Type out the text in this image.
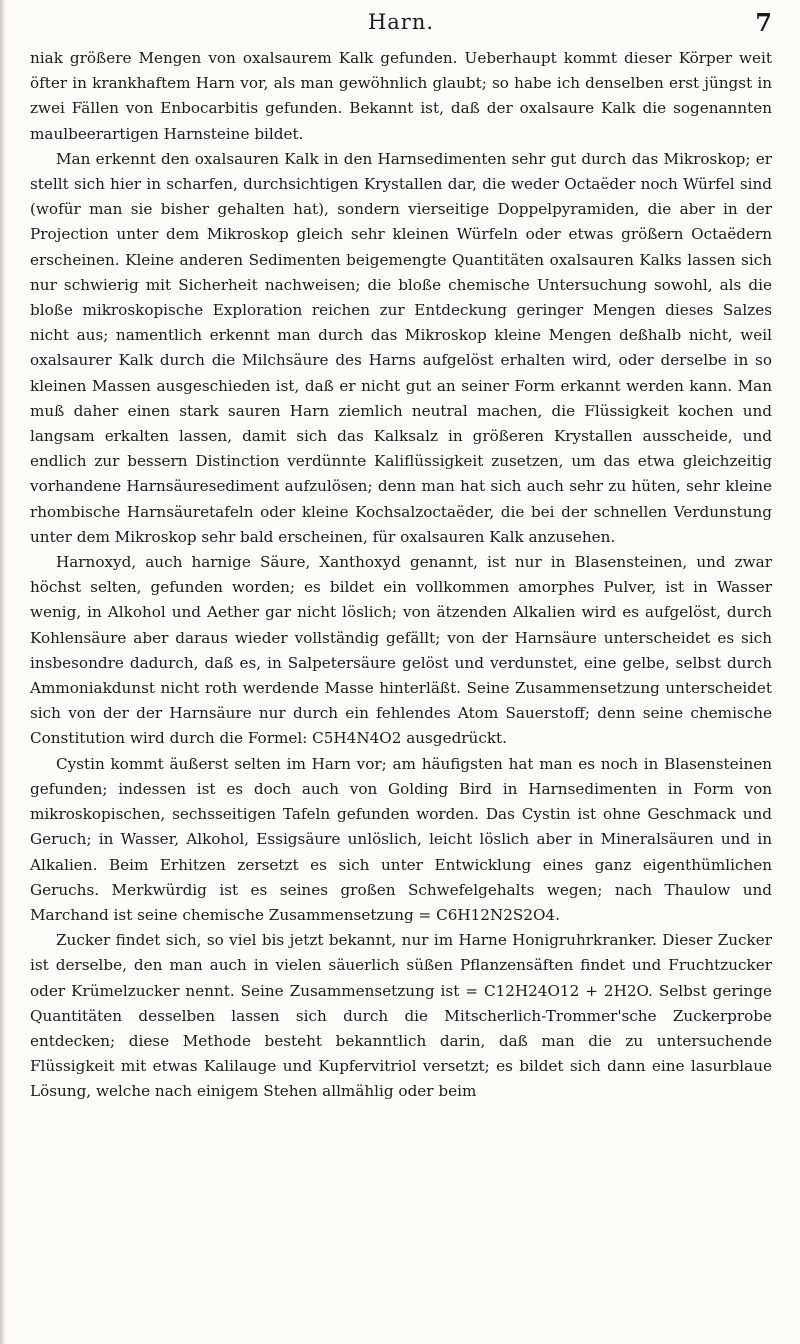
Harn.	7

niak größere Mengen von oxalsaurem Kalk gefunden. Ueberhaupt kommt dieser Körper weit öfter in krankhaftem Harn vor, als man gewöhnlich glaubt; so habe ich denselben erst jüngst in zwei Fällen von Enbocarbitis gefunden. Bekannt ist, daß der oxalsaure Kalk die sogenannten maulbeerartigen Harnsteine bildet.

Man erkennt den oxalsauren Kalk in den Harnsedimenten sehr gut durch das Mikroskop; er stellt sich hier in scharfen, durchsichtigen Krystallen dar, die weder Octaëder noch Würfel sind (wofür man sie bisher gehalten hat), sondern vierseitige Doppelpyramiden, die aber in der Projection unter dem Mikroskop gleich sehr kleinen Würfeln oder etwas größern Octaëdern erscheinen. Kleine anderen Sedimenten beigemengte Quantitäten oxalsauren Kalks lassen sich nur schwierig mit Sicherheit nachweisen; die bloße chemische Untersuchung sowohl, als die bloße mikroskopische Exploration reichen zur Entdeckung geringer Mengen dieses Salzes nicht aus; namentlich erkennt man durch das Mikroskop kleine Mengen deßhalb nicht, weil oxalsaurer Kalk durch die Milchsäure des Harns aufgelöst erhalten wird, oder derselbe in so kleinen Massen ausgeschieden ist, daß er nicht gut an seiner Form erkannt werden kann. Man muß daher einen stark sauren Harn ziemlich neutral machen, die Flüssigkeit kochen und langsam erkalten lassen, damit sich das Kalksalz in größeren Krystallen ausscheide, und endlich zur bessern Distinction verdünnte Kaliflüssigkeit zusetzen, um das etwa gleichzeitig vorhandene Harnsäuresediment aufzulösen; denn man hat sich auch sehr zu hüten, sehr kleine rhombische Harnsäuretafeln oder kleine Kochsalzoctaëder, die bei der schnellen Verdunstung unter dem Mikroskop sehr bald erscheinen, für oxalsauren Kalk anzusehen.

Harnoxyd, auch harnige Säure, Xanthoxyd genannt, ist nur in Blasensteinen, und zwar höchst selten, gefunden worden; es bildet ein vollkommen amorphes Pulver, ist in Wasser wenig, in Alkohol und Aether gar nicht löslich; von ätzenden Alkalien wird es aufgelöst, durch Kohlensäure aber daraus wieder vollständig gefällt; von der Harnsäure unterscheidet es sich insbesondre dadurch, daß es, in Salpetersäure gelöst und verdunstet, eine gelbe, selbst durch Ammoniakdunst nicht roth werdende Masse hinterläßt. Seine Zusammensetzung unterscheidet sich von der der Harnsäure nur durch ein fehlendes Atom Sauerstoff; denn seine chemische Constitution wird durch die Formel: C5H4N4O2 ausgedrückt.

Cystin kommt äußerst selten im Harn vor; am häufigsten hat man es noch in Blasensteinen gefunden; indessen ist es doch auch von Golding Bird in Harnsedimenten in Form von mikroskopischen, sechsseitigen Tafeln gefunden worden. Das Cystin ist ohne Geschmack und Geruch; in Wasser, Alkohol, Essigsäure unlöslich, leicht löslich aber in Mineralsäuren und in Alkalien. Beim Erhitzen zersetzt es sich unter Entwicklung eines ganz eigenthümlichen Geruchs. Merkwürdig ist es seines großen Schwefelgehalts wegen; nach Thaulow und Marchand ist seine chemische Zusammensetzung = C6H12N2S2O4.

Zucker findet sich, so viel bis jetzt bekannt, nur im Harne Honigruhrkranker. Dieser Zucker ist derselbe, den man auch in vielen säuerlich süßen Pflanzensäften findet und Fruchtzucker oder Krümelzucker nennt. Seine Zusammensetzung ist = C12H24O12 + 2H2O. Selbst geringe Quantitäten desselben lassen sich durch die Mitscherlich-Trommer'sche Zuckerprobe entdecken; diese Methode besteht bekanntlich darin, daß man die zu untersuchende Flüssigkeit mit etwas Kalilauge und Kupfervitriol versetzt; es bildet sich dann eine lasurblaue Lösung, welche nach einigem Stehen allmählig oder beim
